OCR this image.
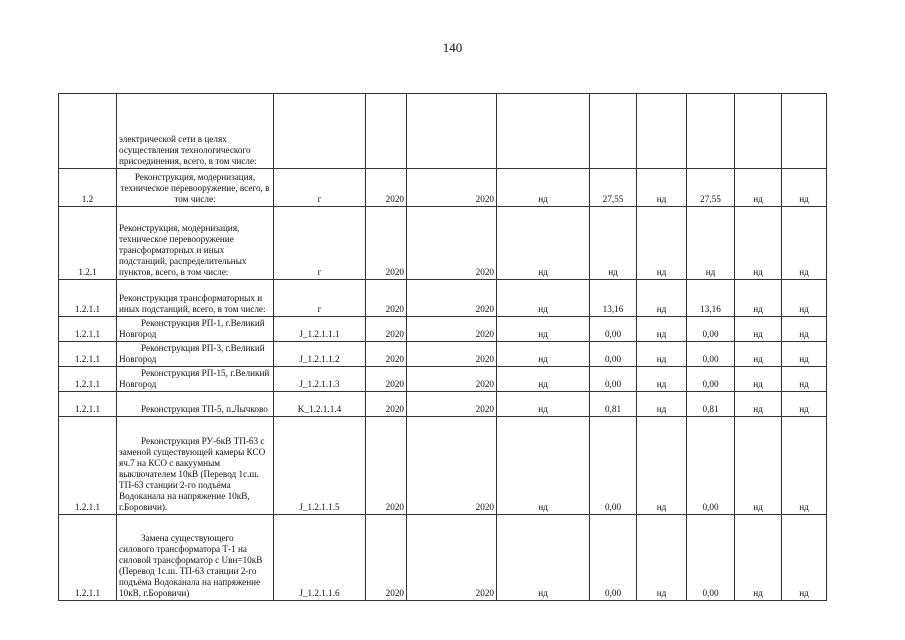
140
	электрической сети в целях осуществления технологического присоединения, всего, в том числе:									
1.2	Реконструкция, модернизация, техническое перевооружение, всего, в том числе:	г	2020	2020	нд	27,55	нд	27,55	нд	нд
1.2.1	Реконструкция, модернизация, техническое перевооружение трансформаторных и иных подстанций, распределительных пунктов, всего, в том числе:	г	2020	2020	нд	нд	нд	нд	нд	нд
1.2.1.1	Реконструкция трансформаторных и иных подстанций, всего, в том числе:	г	2020	2020	нд	13,16	нд	13,16	нд	нд
1.2.1.1	Реконструкция РП-1, г.Великий Новгород	J_1.2.1.1.1	2020	2020	нд	0,00	нд	0,00	нд	нд
1.2.1.1	Реконструкция РП-3, г.Великий Новгород	J_1.2.1.1.2	2020	2020	нд	0,00	нд	0,00	нд	нд
1.2.1.1	Реконструкция РП-15, г.Великий Новгород	J_1.2.1.1.3	2020	2020	нд	0,00	нд	0,00	нд	нд
1.2.1.1	Реконструкция ТП-5, п.Лычково	K_1.2.1.1.4	2020	2020	нд	0,81	нд	0,81	нд	нд
1.2.1.1	Реконструкция РУ-6кВ ТП-63 с заменой существующей камеры КСО яч.7 на КСО с вакуумным выключателем 10кВ (Перевод 1с.ш. ТП-63 станции 2-го подъёма Водоканала на напряжение 10кВ, г.Боровичи).	J_1.2.1.1.5	2020	2020	нд	0,00	нд	0,00	нд	нд
1.2.1.1	Замена существующего силового трансформатора Т-1 на силовой трансформатор с Uвн=10кВ (Перевод 1с.ш. ТП-63 станции 2-го подъёма Водоканала на напряжение 10кВ, г.Боровичи)	J_1.2.1.1.6	2020	2020	нд	0,00	нд	0,00	нд	нд
